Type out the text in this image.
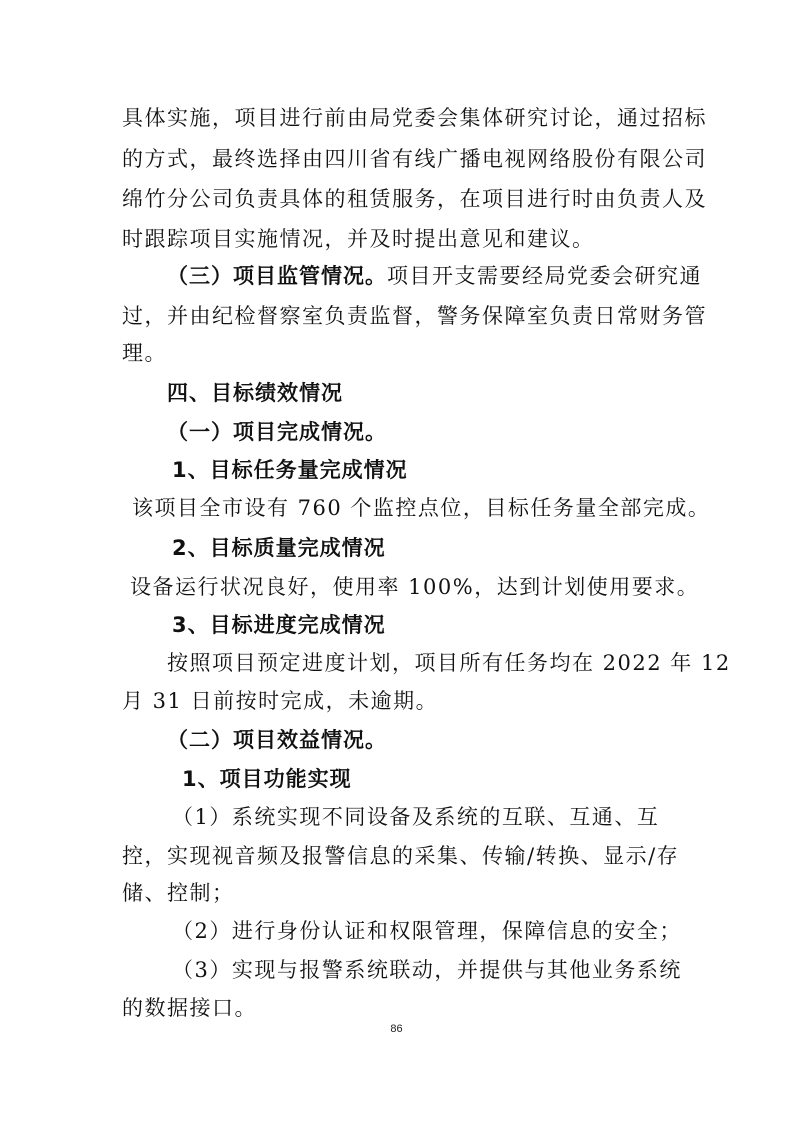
具体实施，项目进行前由局党委会集体研究讨论，通过招标
的方式，最终选择由四川省有线广播电视网络股份有限公司
绵竹分公司负责具体的租赁服务，在项目进行时由负责人及
时跟踪项目实施情况，并及时提出意见和建议。
（三）项目监管情况。项目开支需要经局党委会研究通
过，并由纪检督察室负责监督，警务保障室负责日常财务管
理。
四、目标绩效情况
（一）项目完成情况。
1、目标任务量完成情况
该项目全市设有 760 个监控点位，目标任务量全部完成。
2、目标质量完成情况
设备运行状况良好，使用率 100%，达到计划使用要求。
3、目标进度完成情况
按照项目预定进度计划，项目所有任务均在 2022 年 12
月 31 日前按时完成，未逾期。
（二）项目效益情况。
1、项目功能实现
（1）系统实现不同设备及系统的互联、互通、互
控，实现视音频及报警信息的采集、传输/转换、显示/存
储、控制；
（2）进行身份认证和权限管理，保障信息的安全；
（3）实现与报警系统联动，并提供与其他业务系统
的数据接口。
86
